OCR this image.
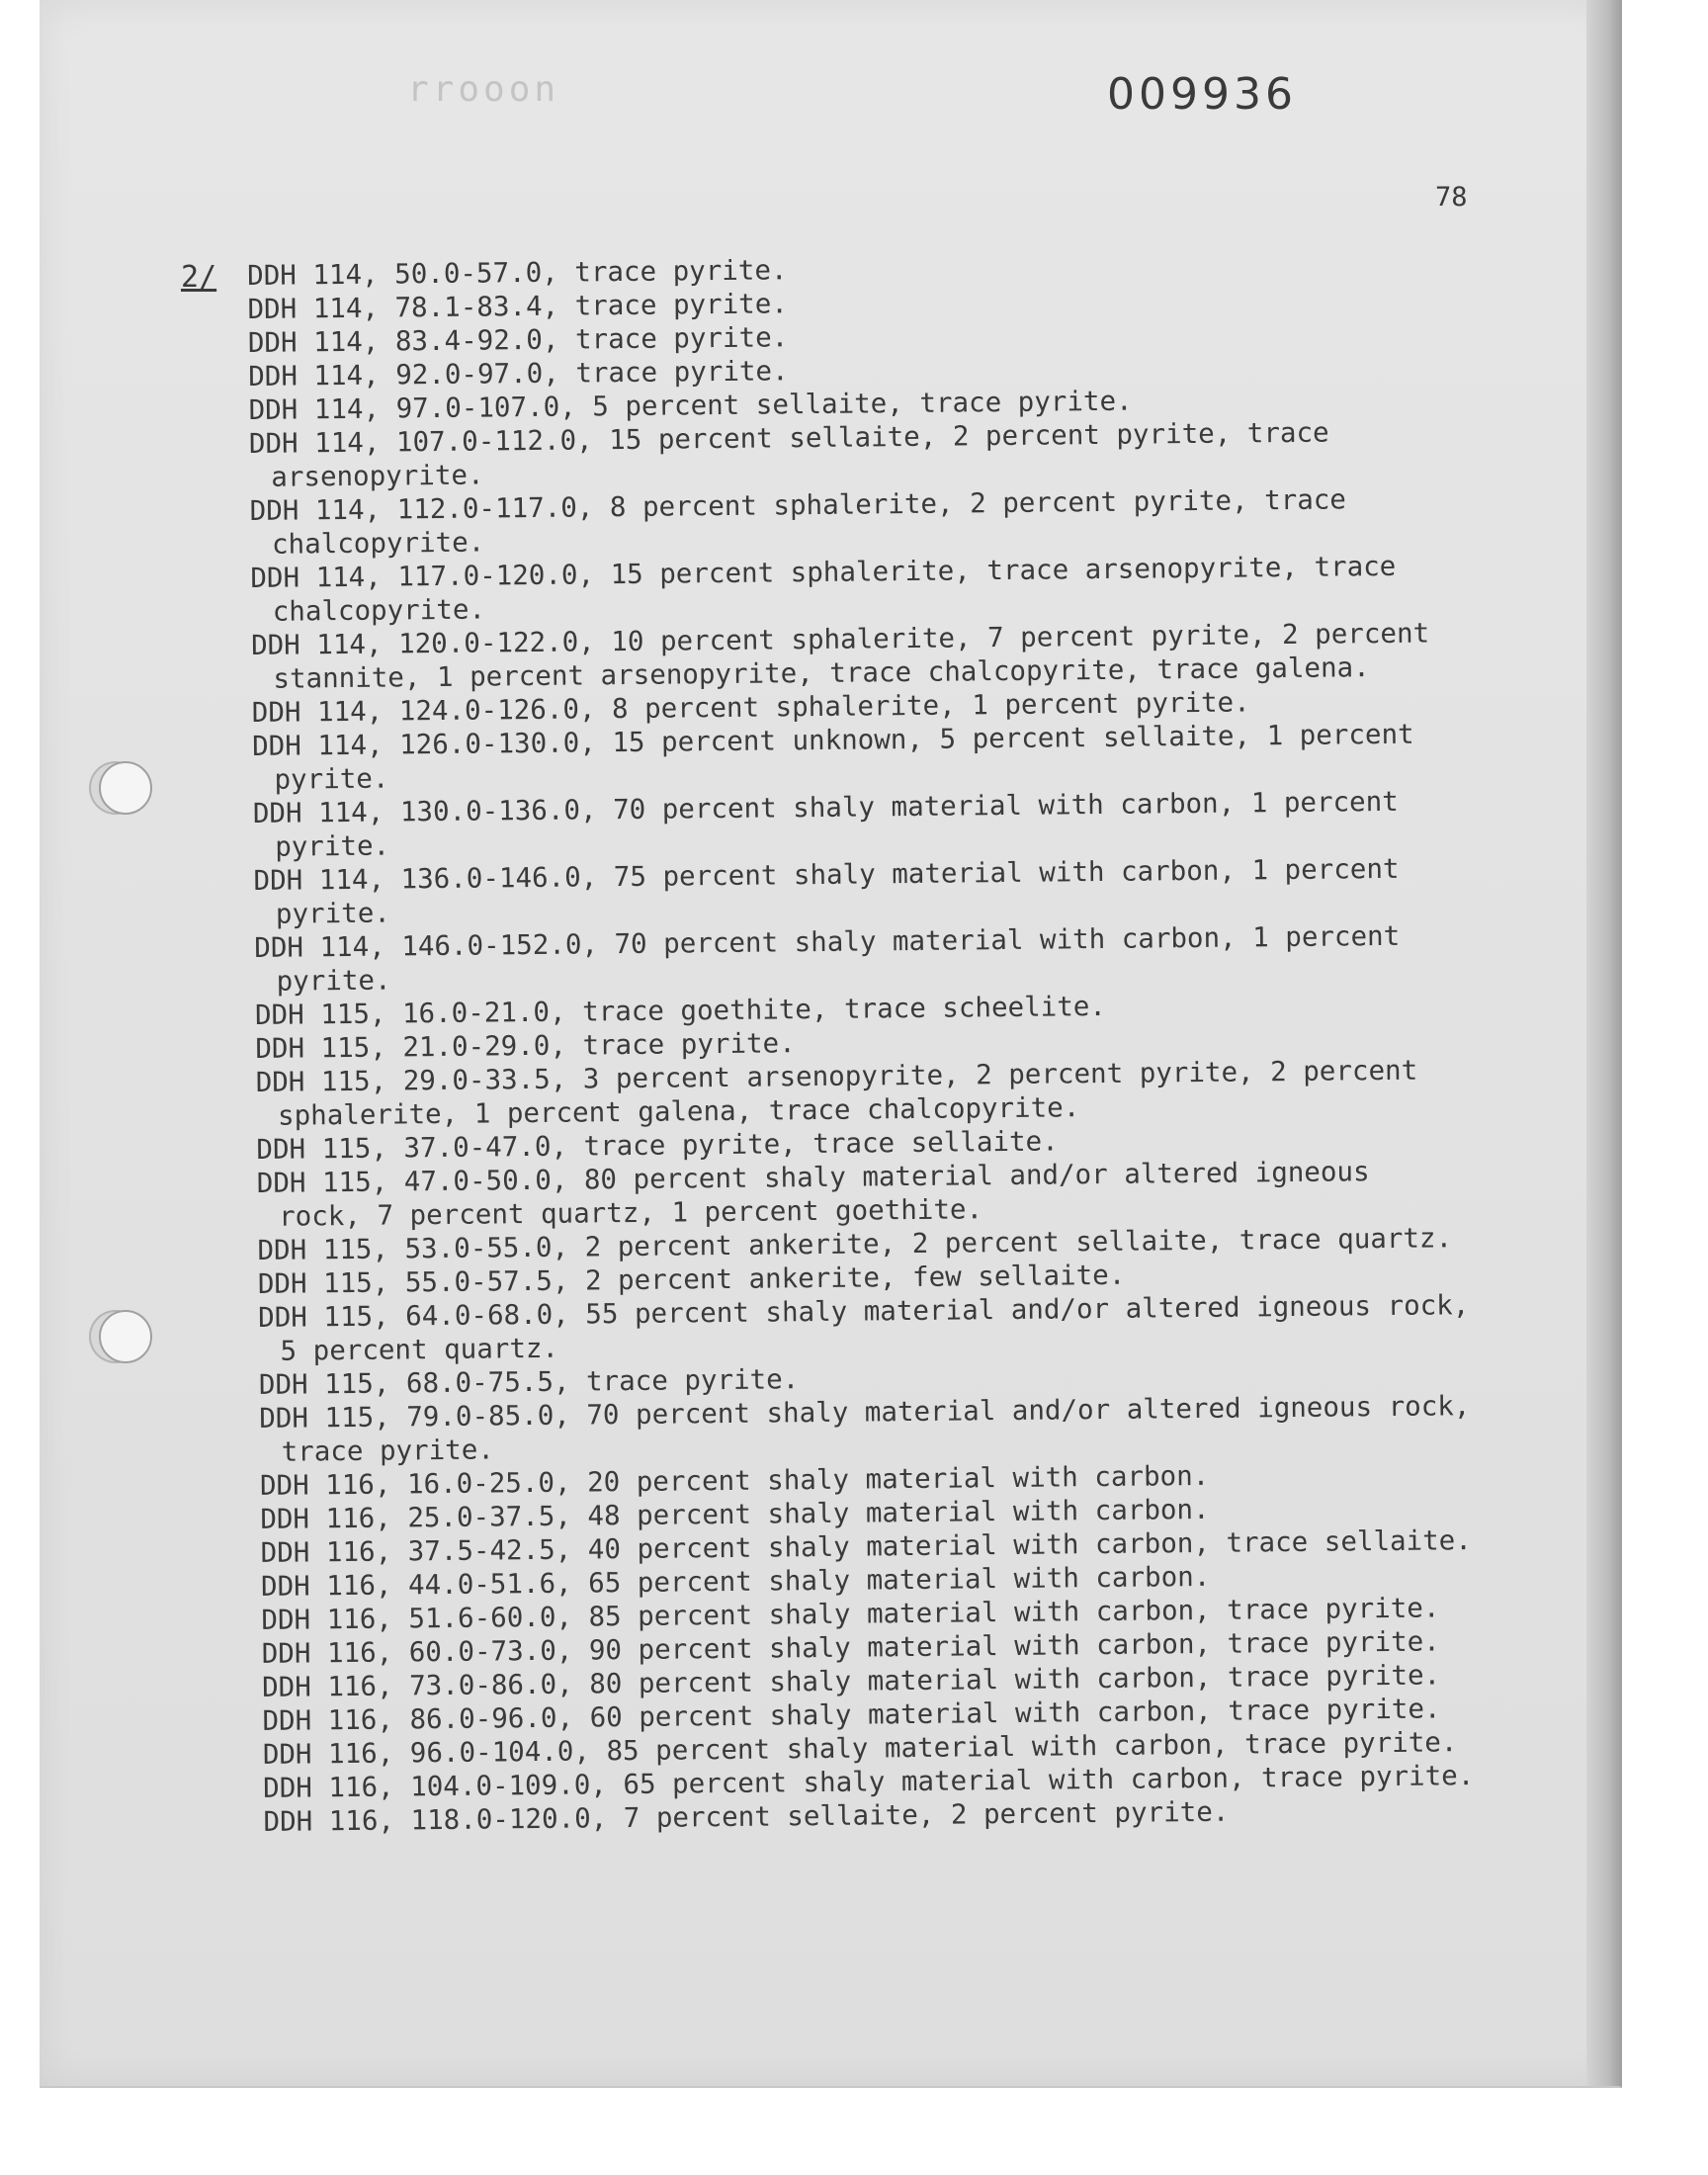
rrooon	009936
78
2/ DDH 114, 50.0-57.0, trace pyrite.
DDH 114, 78.1-83.4, trace pyrite.
DDH 114, 83.4-92.0, trace pyrite.
DDH 114, 92.0-97.0, trace pyrite.
DDH 114, 97.0-107.0, 5 percent sellaite, trace pyrite.
DDH 114, 107.0-112.0, 15 percent sellaite, 2 percent pyrite, trace
arsenopyrite.
DDH 114, 112.0-117.0, 8 percent sphalerite, 2 percent pyrite, trace
chalcopyrite.
DDH 114, 117.0-120.0, 15 percent sphalerite, trace arsenopyrite, trace
chalcopyrite.
DDH 114, 120.0-122.0, 10 percent sphalerite, 7 percent pyrite, 2 percent
stannite, 1 percent arsenopyrite, trace chalcopyrite, trace galena.
DDH 114, 124.0-126.0, 8 percent sphalerite, 1 percent pyrite.
DDH 114, 126.0-130.0, 15 percent unknown, 5 percent sellaite, 1 percent
pyrite.
DDH 114, 130.0-136.0, 70 percent shaly material with carbon, 1 percent
pyrite.
DDH 114, 136.0-146.0, 75 percent shaly material with carbon, 1 percent
pyrite.
DDH 114, 146.0-152.0, 70 percent shaly material with carbon, 1 percent
pyrite.
DDH 115, 16.0-21.0, trace goethite, trace scheelite.
DDH 115, 21.0-29.0, trace pyrite.
DDH 115, 29.0-33.5, 3 percent arsenopyrite, 2 percent pyrite, 2 percent
sphalerite, 1 percent galena, trace chalcopyrite.
DDH 115, 37.0-47.0, trace pyrite, trace sellaite.
DDH 115, 47.0-50.0, 80 percent shaly material and/or altered igneous
rock, 7 percent quartz, 1 percent goethite.
DDH 115, 53.0-55.0, 2 percent ankerite, 2 percent sellaite, trace quartz.
DDH 115, 55.0-57.5, 2 percent ankerite, few sellaite.
DDH 115, 64.0-68.0, 55 percent shaly material and/or altered igneous rock,
5 percent quartz.
DDH 115, 68.0-75.5, trace pyrite.
DDH 115, 79.0-85.0, 70 percent shaly material and/or altered igneous rock,
trace pyrite.
DDH 116, 16.0-25.0, 20 percent shaly material with carbon.
DDH 116, 25.0-37.5, 48 percent shaly material with carbon.
DDH 116, 37.5-42.5, 40 percent shaly material with carbon, trace sellaite.
DDH 116, 44.0-51.6, 65 percent shaly material with carbon.
DDH 116, 51.6-60.0, 85 percent shaly material with carbon, trace pyrite.
DDH 116, 60.0-73.0, 90 percent shaly material with carbon, trace pyrite.
DDH 116, 73.0-86.0, 80 percent shaly material with carbon, trace pyrite.
DDH 116, 86.0-96.0, 60 percent shaly material with carbon, trace pyrite.
DDH 116, 96.0-104.0, 85 percent shaly material with carbon, trace pyrite.
DDH 116, 104.0-109.0, 65 percent shaly material with carbon, trace pyrite.
DDH 116, 118.0-120.0, 7 percent sellaite, 2 percent pyrite.
